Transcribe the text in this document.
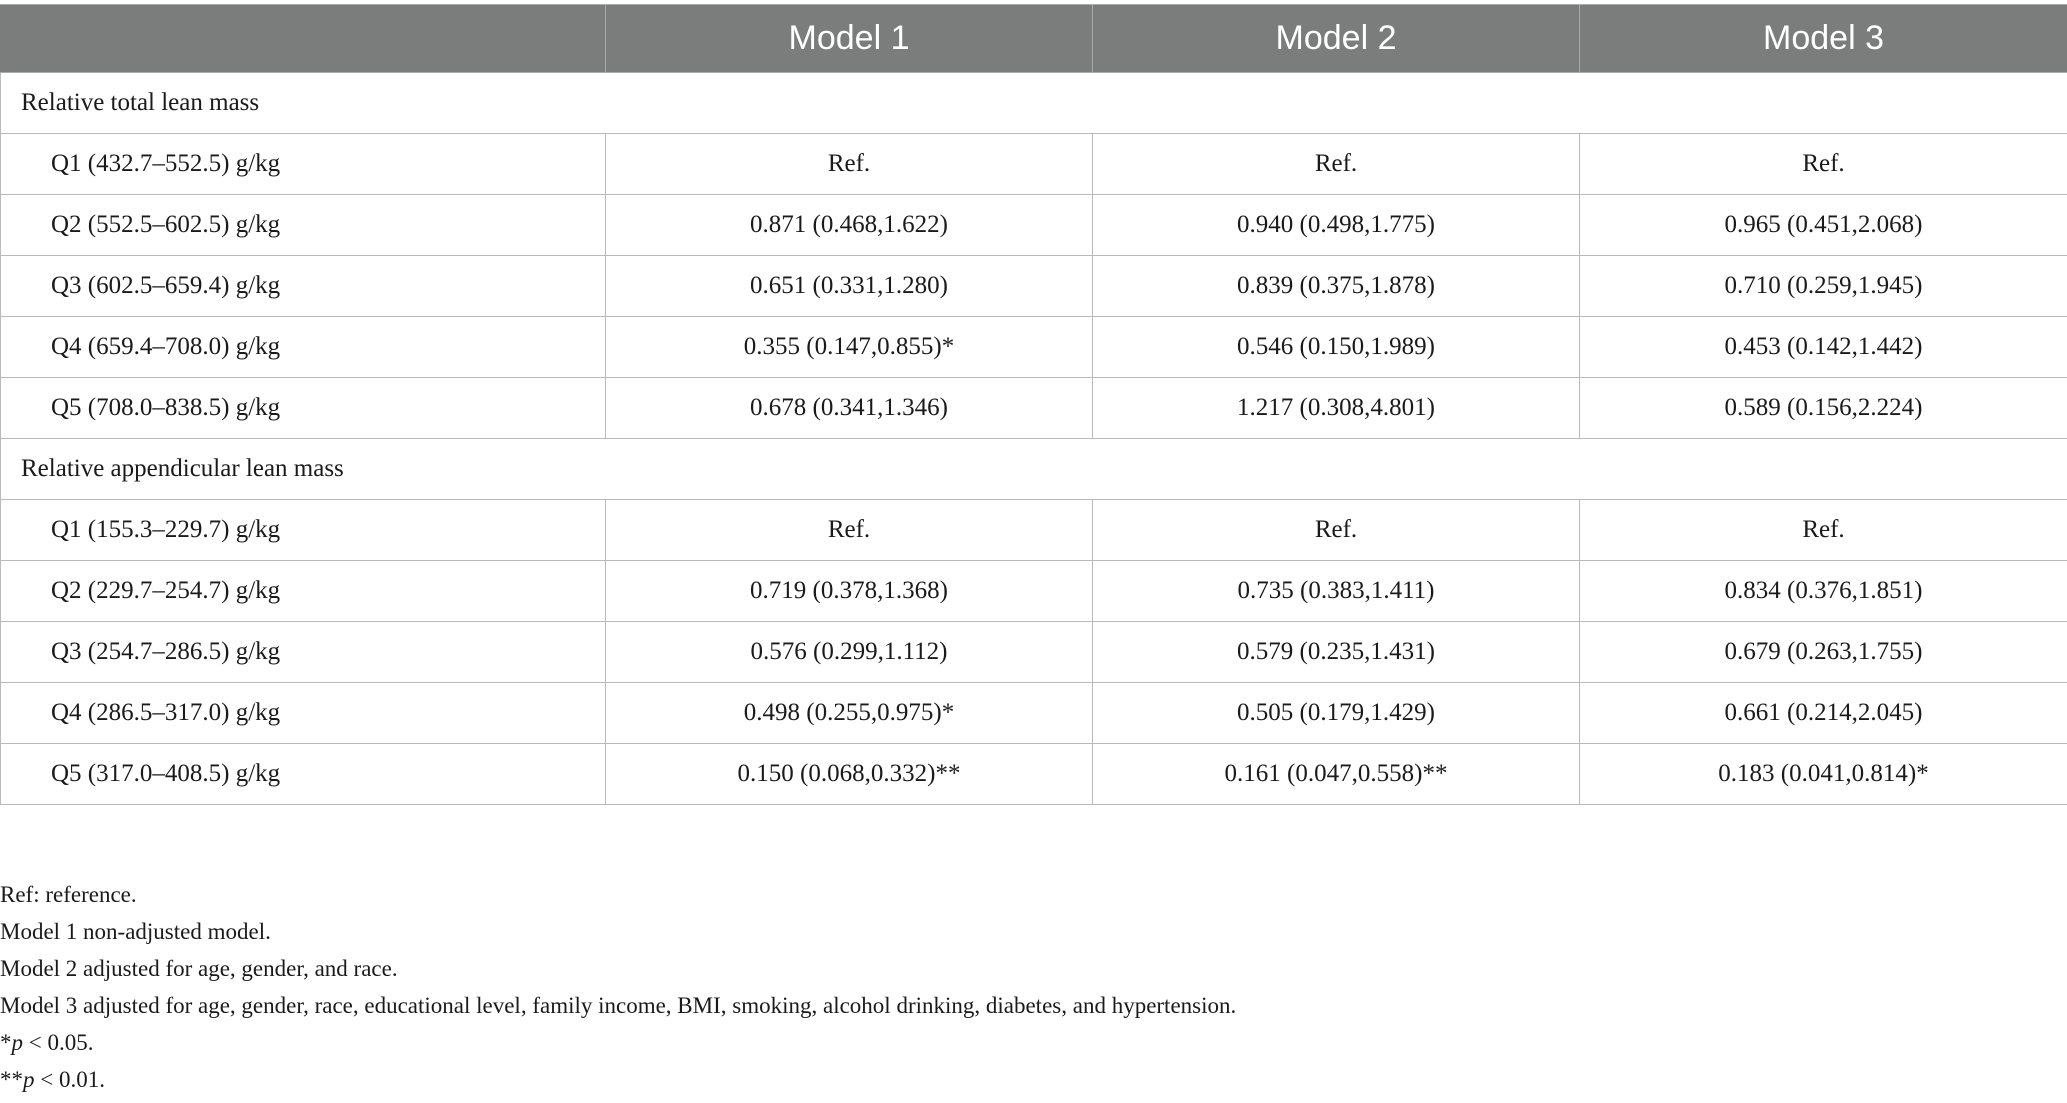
	Model 1	Model 2	Model 3
Relative total lean mass			
Q1 (432.7–552.5) g/kg	Ref.	Ref.	Ref.
Q2 (552.5–602.5) g/kg	0.871 (0.468,1.622)	0.940 (0.498,1.775)	0.965 (0.451,2.068)
Q3 (602.5–659.4) g/kg	0.651 (0.331,1.280)	0.839 (0.375,1.878)	0.710 (0.259,1.945)
Q4 (659.4–708.0) g/kg	0.355 (0.147,0.855)*	0.546 (0.150,1.989)	0.453 (0.142,1.442)
Q5 (708.0–838.5) g/kg	0.678 (0.341,1.346)	1.217 (0.308,4.801)	0.589 (0.156,2.224)
Relative appendicular lean mass			
Q1 (155.3–229.7) g/kg	Ref.	Ref.	Ref.
Q2 (229.7–254.7) g/kg	0.719 (0.378,1.368)	0.735 (0.383,1.411)	0.834 (0.376,1.851)
Q3 (254.7–286.5) g/kg	0.576 (0.299,1.112)	0.579 (0.235,1.431)	0.679 (0.263,1.755)
Q4 (286.5–317.0) g/kg	0.498 (0.255,0.975)*	0.505 (0.179,1.429)	0.661 (0.214,2.045)
Q5 (317.0–408.5) g/kg	0.150 (0.068,0.332)**	0.161 (0.047,0.558)**	0.183 (0.041,0.814)*
Ref: reference.
Model 1 non-adjusted model.
Model 2 adjusted for age, gender, and race.
Model 3 adjusted for age, gender, race, educational level, family income, BMI, smoking, alcohol drinking, diabetes, and hypertension.
*p < 0.05.
**p < 0.01.
